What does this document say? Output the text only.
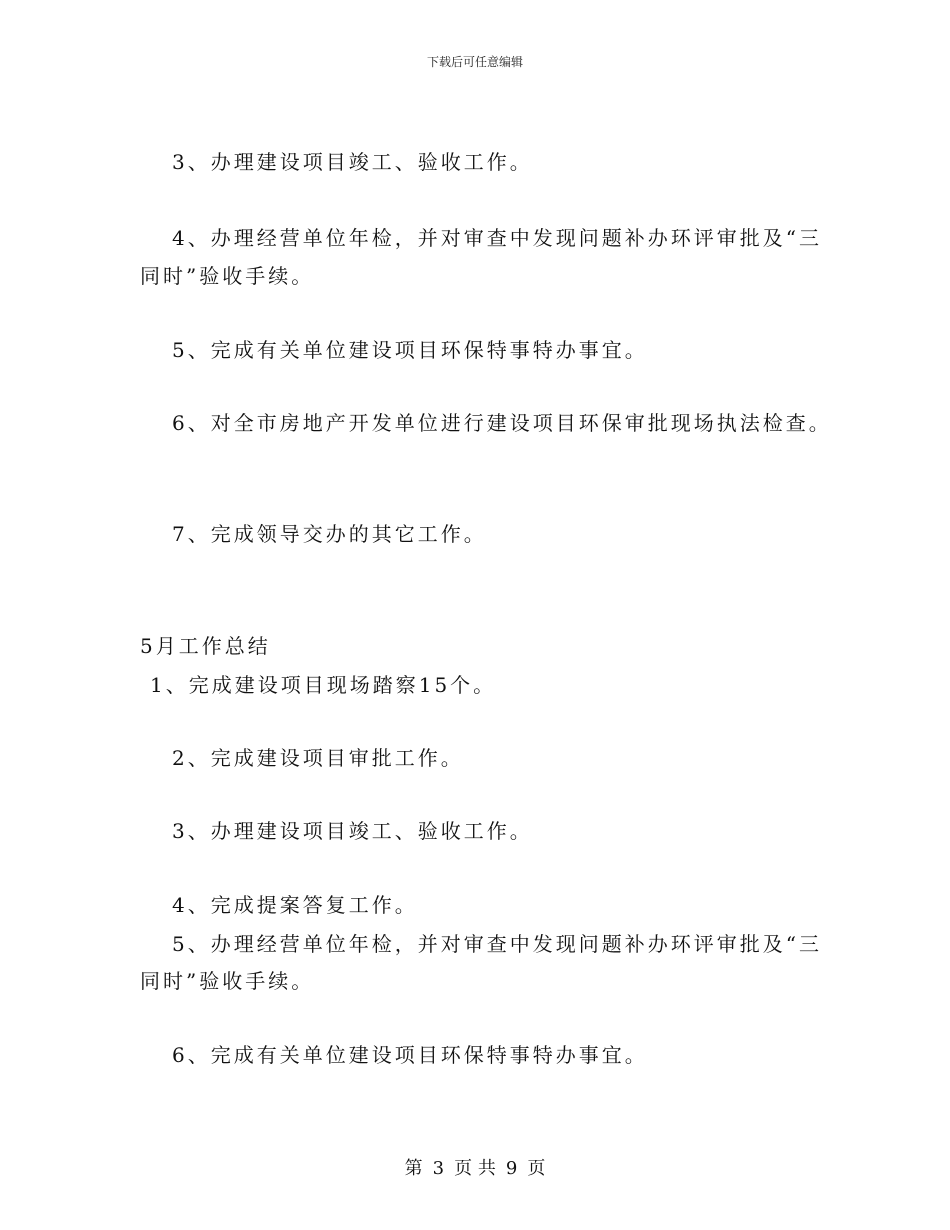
下载后可任意编辑
3、办理建设项目竣工、验收工作。
4、办理经营单位年检，并对审查中发现问题补办环评审批及“三
同时”验收手续。
5、完成有关单位建设项目环保特事特办事宜。
6、对全市房地产开发单位进行建设项目环保审批现场执法检查。
7、完成领导交办的其它工作。
5月工作总结
1、完成建设项目现场踏察15个。
2、完成建设项目审批工作。
3、办理建设项目竣工、验收工作。
4、完成提案答复工作。
5、办理经营单位年检，并对审查中发现问题补办环评审批及“三
同时”验收手续。
6、完成有关单位建设项目环保特事特办事宜。
第 3 页 共 9 页
